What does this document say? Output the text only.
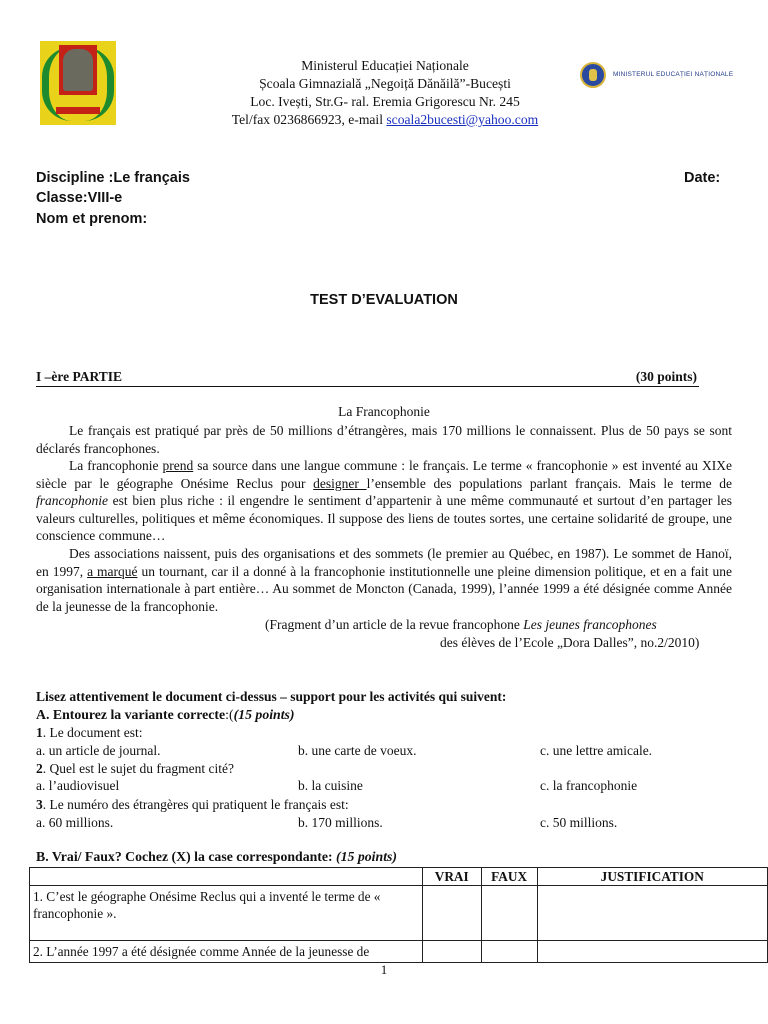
Ministerul Educației Naționale
Școala Gimnazială „Negoiță Dănăilă”-Bucești
Loc. Ivești, Str.G- ral. Eremia Grigorescu Nr. 245
Tel/fax 0236866923, e-mail scoala2bucesti@yahoo.com
MINISTERUL EDUCAȚIEI NAȚIONALE
Discipline :Le français	Date:
Classe:VIII-e
Nom et prenom:
TEST D’EVALUATION
I –ère PARTIE	(30 points)
La Francophonie
Le français est pratiqué par près de 50 millions d’étrangères, mais 170 millions le connaissent. Plus de 50 pays se sont déclarés francophones.
La francophonie prend sa source dans une langue commune : le français. Le terme « francophonie » est inventé au XIXe siècle par le géographe Onésime Reclus pour designer l’ensemble des populations parlant français. Mais le terme de francophonie est bien plus riche : il engendre le sentiment d’appartenir à une même communauté et surtout d’en partager les valeurs culturelles, politiques et même économiques. Il suppose des liens de toutes sortes, une certaine solidarité de groupe, une conscience commune…
Des associations naissent, puis des organisations et des sommets (le premier au Québec, en 1987). Le sommet de Hanoï, en 1997, a marqué un tournant, car il a donné à la francophonie institutionnelle une pleine dimension politique, et en a fait une organisation internationale à part entière… Au sommet de Moncton (Canada, 1999), l’année 1999 a été désignée comme Année de la jeunesse de la francophonie.
(Fragment d’un article de la revue francophone Les jeunes francophones
des élèves de l’Ecole „Dora Dalles”, no.2/2010)
Lisez attentivement le document ci-dessus – support pour les activités qui suivent:
A. Entourez la variante correcte:((15 points)
1. Le document est:
a. un article de journal.	b. une carte de voeux.	c. une lettre amicale.
2. Quel est le sujet du fragment cité?
a. l’audiovisuel	b. la cuisine	c. la francophonie
3. Le numéro des étrangères qui pratiquent le français est:
a. 60 millions.	b. 170 millions.	c. 50 millions.
B. Vrai/ Faux? Cochez (X) la case correspondante: (15 points)
	VRAI	FAUX	JUSTIFICATION
1. C’est le géographe Onésime Reclus qui a inventé le terme de « francophonie ».			
2. L’année 1997 a été désignée comme Année de la jeunesse de			
1
